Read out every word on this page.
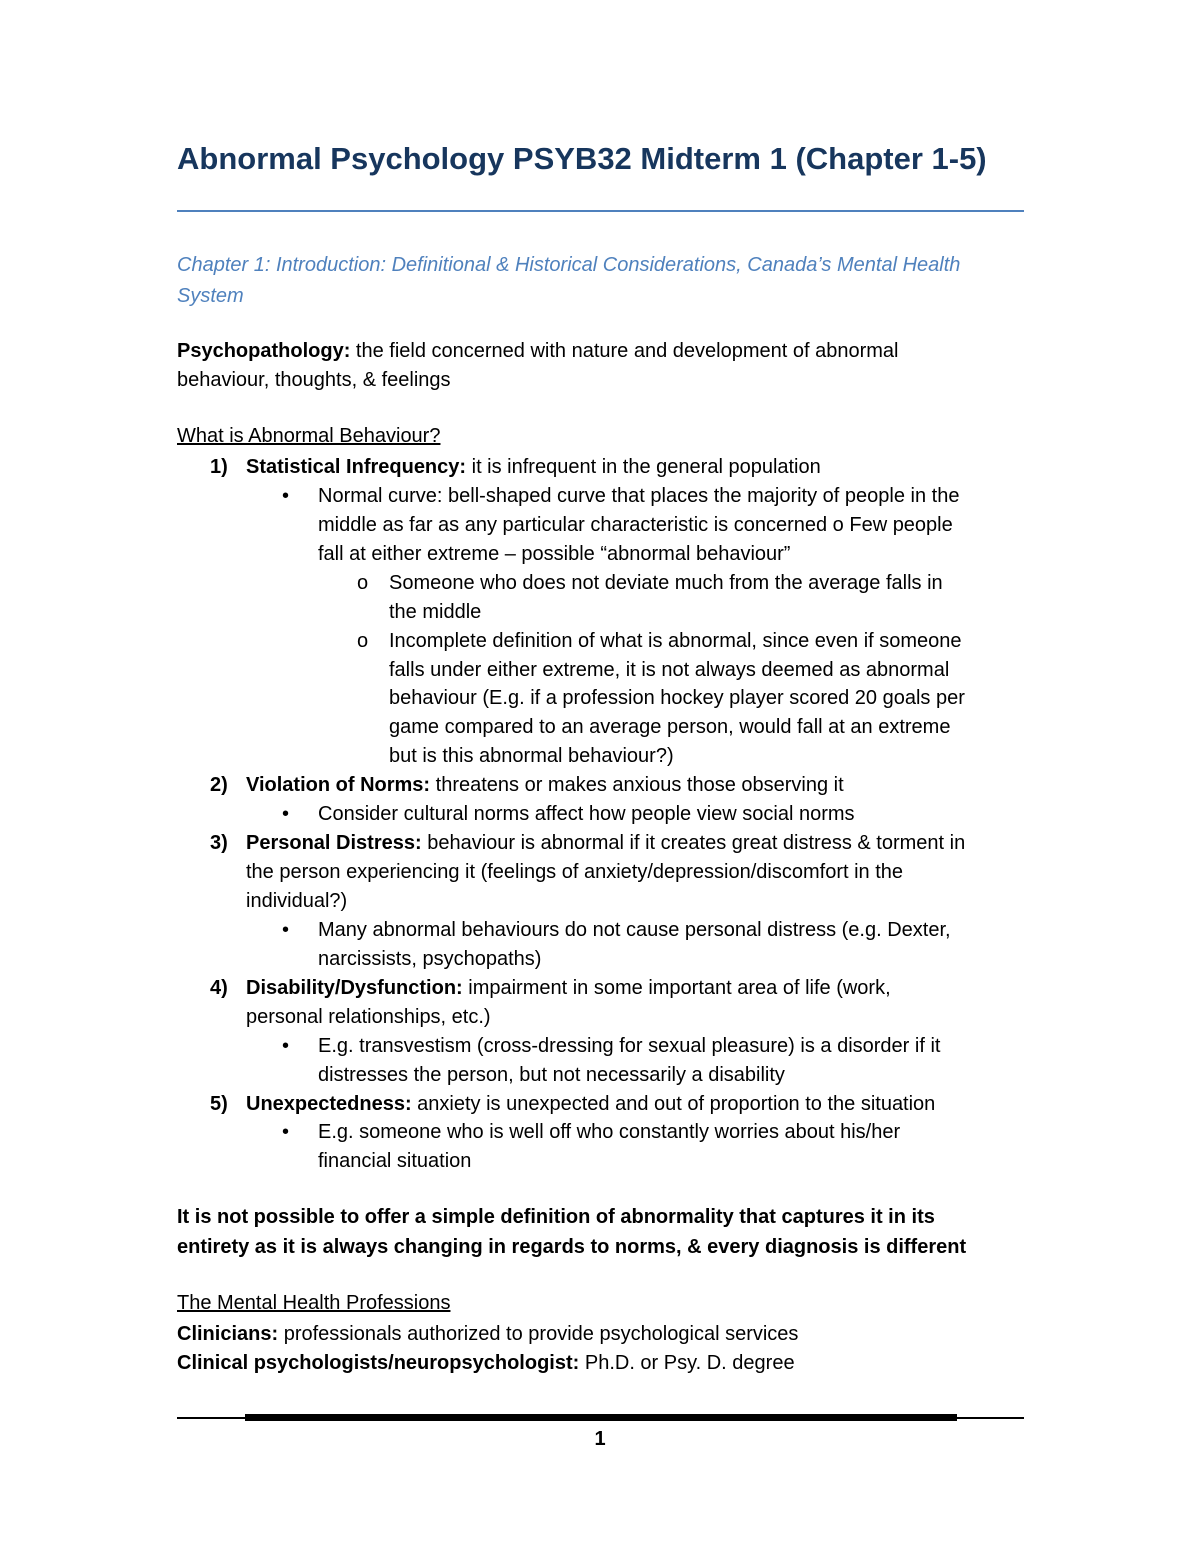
Abnormal Psychology PSYB32 Midterm 1 (Chapter 1-5)
Chapter 1: Introduction: Definitional & Historical Considerations, Canada’s Mental Health System
Psychopathology: the field concerned with nature and development of abnormal
behaviour, thoughts, & feelings
What is Abnormal Behaviour?
1) Statistical Infrequency: it is infrequent in the general population
• Normal curve: bell-shaped curve that places the majority of people in the
middle as far as any particular characteristic is concerned o Few people
fall at either extreme – possible “abnormal behaviour”
o Someone who does not deviate much from the average falls in
the middle
o Incomplete definition of what is abnormal, since even if someone
falls under either extreme, it is not always deemed as abnormal
behaviour (E.g. if a profession hockey player scored 20 goals per
game compared to an average person, would fall at an extreme
but is this abnormal behaviour?)
2) Violation of Norms: threatens or makes anxious those observing it
• Consider cultural norms affect how people view social norms
3) Personal Distress: behaviour is abnormal if it creates great distress & torment in
the person experiencing it (feelings of anxiety/depression/discomfort in the
individual?)
• Many abnormal behaviours do not cause personal distress (e.g. Dexter,
narcissists, psychopaths)
4) Disability/Dysfunction: impairment in some important area of life (work,
personal relationships, etc.)
• E.g. transvestism (cross-dressing for sexual pleasure) is a disorder if it
distresses the person, but not necessarily a disability
5) Unexpectedness: anxiety is unexpected and out of proportion to the situation
• E.g. someone who is well off who constantly worries about his/her
financial situation
It is not possible to offer a simple definition of abnormality that captures it in its
entirety as it is always changing in regards to norms, & every diagnosis is different
The Mental Health Professions
Clinicians: professionals authorized to provide psychological services
Clinical psychologists/neuropsychologist: Ph.D. or Psy. D. degree
1
